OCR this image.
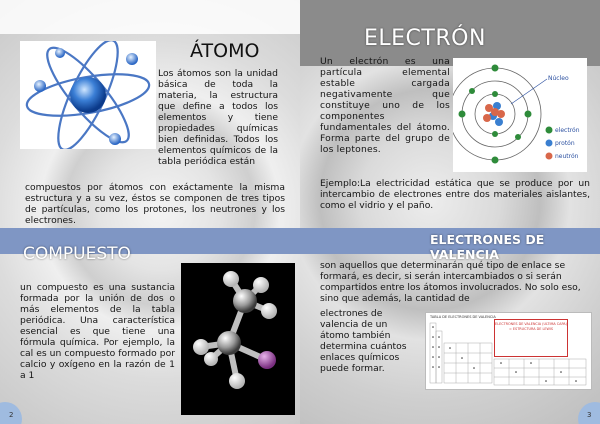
ÁTOMO
Los átomos son la unidad básica de toda la materia, la estructura que define a todos los elementos y tiene propiedades químicas bien definidas. Todos los elementos químicos de la tabla periódica están
compuestos por átomos con exáctamente la misma estructura y a su vez, éstos se componen de tres tipos de partículas, como los protones, los neutrones y los electrones.
COMPUESTO
un compuesto es una sustancia formada por la unión de dos o más elementos de la tabla periódica. Una característica esencial es que tiene una fórmula química. Por ejemplo, la cal es un compuesto formado por calcio y oxígeno en la razón de 1 a 1
2
ELECTRÓN
Un electrón es una partícula elemental estable cargada negativamente que constituye uno de los componentes fundamentales del átomo. Forma parte del grupo de los leptones.
Ejemplo:La electricidad estática que se produce por un intercambio de electrones entre dos materiales aislantes, como el vidrio y el paño.
Núcleo
electrón
protón
neutrón
ELECTRONES DE VALENCIA
son aquellos que determinarán qué tipo de enlace se formará, es decir, si serán intercambiados o si serán compartidos entre los átomos involucrados. No solo eso, sino que además, la cantidad de
electrones de valencia de un átomo también determina cuántos enlaces químicos puede formar.
TABLA DE ELECTRONES DE VALENCIA
ELECTRONES DE VALENCIA (ULTIMA CAPA) = ESTRUCTURA DE LEWIS
3
